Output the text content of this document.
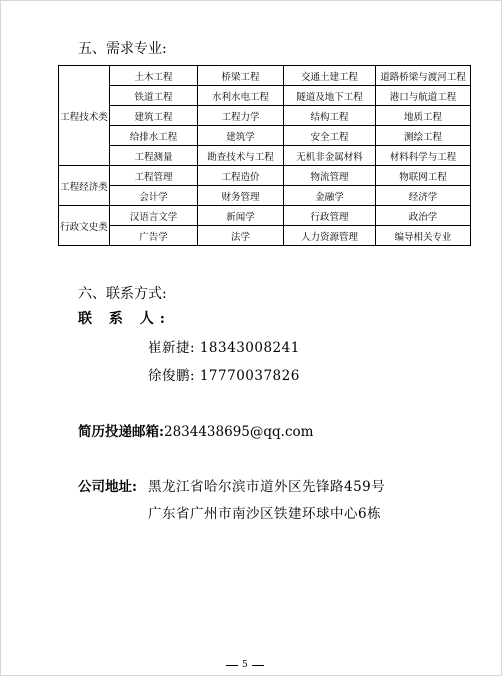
五、需求专业:
工程技术类	土木工程	桥梁工程	交通土建工程	道路桥梁与渡河工程
	铁道工程	水利水电工程	隧道及地下工程	港口与航道工程
	建筑工程	工程力学	结构工程	地质工程
	给排水工程	建筑学	安全工程	测绘工程
	工程测量	勘查技术与工程	无机非金属材料	材料科学与工程
工程经济类	工程管理	工程造价	物流管理	物联网工程
	会计学	财务管理	金融学	经济学
行政文史类	汉语言文学	新闻学	行政管理	政治学
	广告学	法学	人力资源管理	编导相关专业
六、联系方式:
联 系 人:
崔新捷: 18343008241
徐俊鹏: 17770037826
简历投递邮箱:2834438695@qq.com
公司地址: 黑龙江省哈尔滨市道外区先锋路459号
广东省广州市南沙区铁建环球中心6栋
5
